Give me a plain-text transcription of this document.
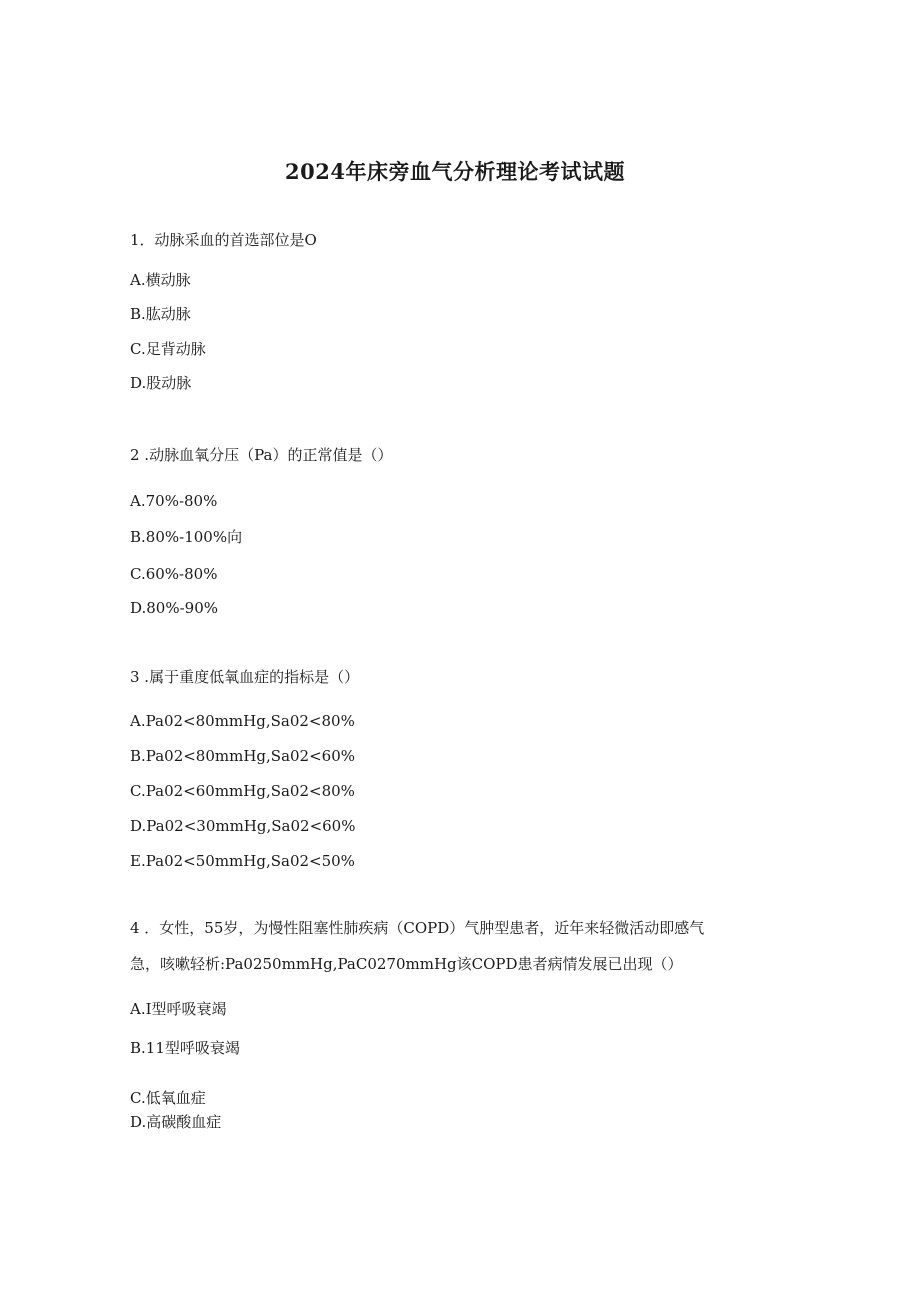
2024年床旁血气分析理论考试试题

1．动脉采血的首选部位是O

A.横动脉

B.肱动脉

C.足背动脉

D.股动脉

2 .动脉血氧分压（Pa）的正常值是（）

A.70%-80%

B.80%-100%向

C.60%-80%

D.80%-90%

3 .属于重度低氧血症的指标是（）

A.Pa02<80mmHg,Sa02<80%

B.Pa02<80mmHg,Sa02<60%

C.Pa02<60mmHg,Sa02<80%

D.Pa02<30mmHg,Sa02<60%

E.Pa02<50mmHg,Sa02<50%

4 ．女性，55岁，为慢性阻塞性肺疾病（COPD）气肿型患者，近年来轻微活动即感气

急，咳嗽轻析:Pa0250mmHg,PaC0270mmHg该COPD患者病情发展已出现（）

A.I型呼吸衰竭

B.11型呼吸衰竭

C.低氧血症

D.高碳酸血症
